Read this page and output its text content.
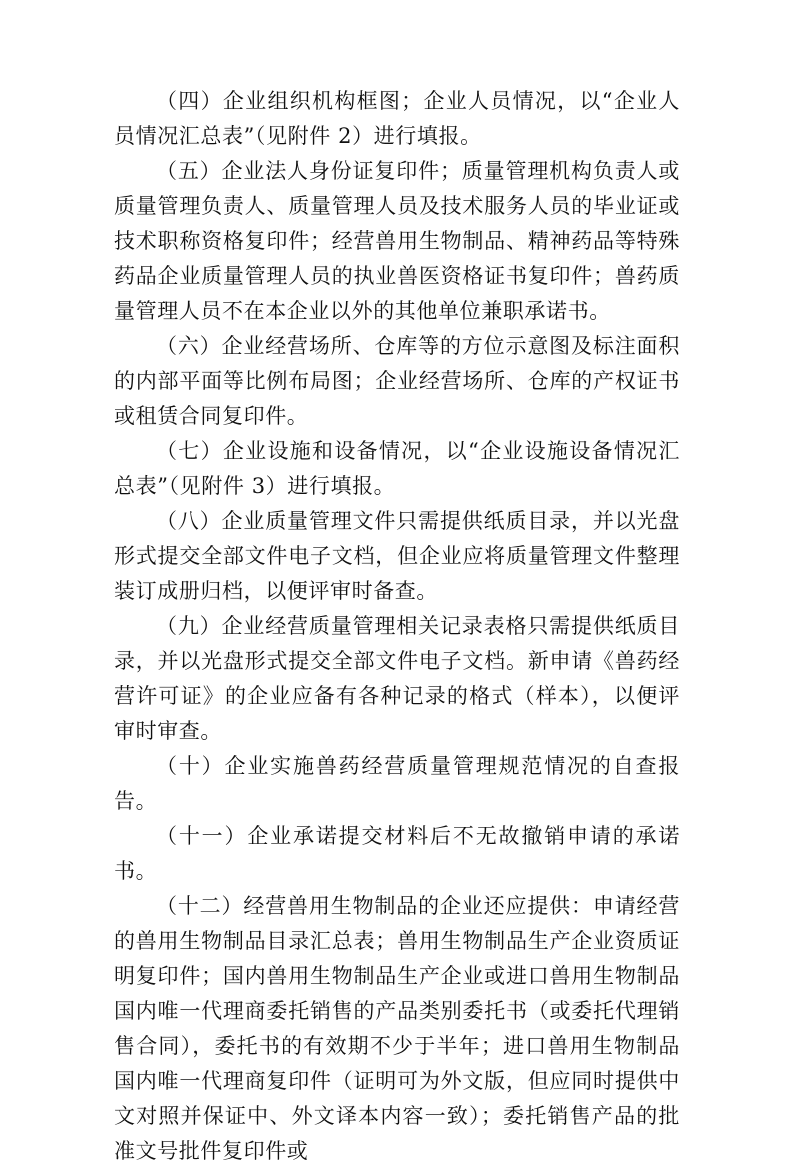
（四）企业组织机构框图；企业人员情况，以“企业人员情况汇总表”（见附件 2）进行填报。

（五）企业法人身份证复印件；质量管理机构负责人或质量管理负责人、质量管理人员及技术服务人员的毕业证或技术职称资格复印件；经营兽用生物制品、精神药品等特殊药品企业质量管理人员的执业兽医资格证书复印件；兽药质量管理人员不在本企业以外的其他单位兼职承诺书。

（六）企业经营场所、仓库等的方位示意图及标注面积的内部平面等比例布局图；企业经营场所、仓库的产权证书或租赁合同复印件。

（七）企业设施和设备情况，以“企业设施设备情况汇总表”（见附件 3）进行填报。

（八）企业质量管理文件只需提供纸质目录，并以光盘形式提交全部文件电子文档，但企业应将质量管理文件整理装订成册归档，以便评审时备查。

（九）企业经营质量管理相关记录表格只需提供纸质目录，并以光盘形式提交全部文件电子文档。新申请《兽药经营许可证》的企业应备有各种记录的格式（样本），以便评审时审查。

（十）企业实施兽药经营质量管理规范情况的自查报告。

（十一）企业承诺提交材料后不无故撤销申请的承诺书。

（十二）经营兽用生物制品的企业还应提供：申请经营的兽用生物制品目录汇总表；兽用生物制品生产企业资质证明复印件；国内兽用生物制品生产企业或进口兽用生物制品国内唯一代理商委托销售的产品类别委托书（或委托代理销售合同），委托书的有效期不少于半年；进口兽用生物制品国内唯一代理商复印件（证明可为外文版，但应同时提供中文对照并保证中、外文译本内容一致）；委托销售产品的批准文号批件复印件或
